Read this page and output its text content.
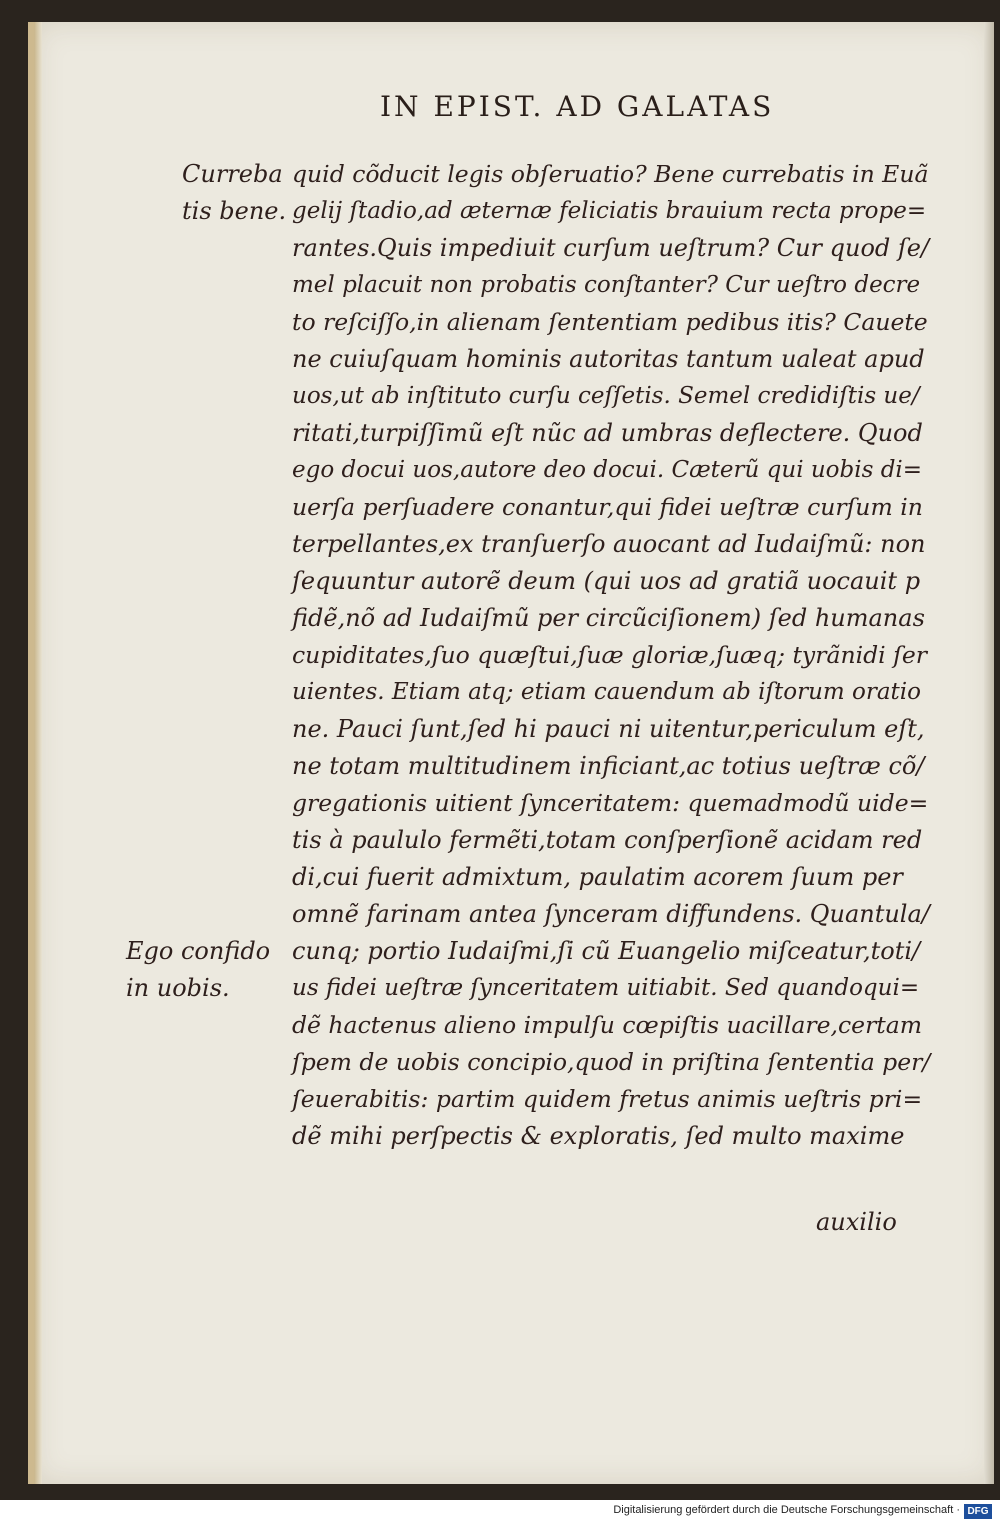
IN EPIST. AD GALATAS
Curreba
tis bene.
Ego confido
in uobis.
quid cõducit legis obſeruatio? Bene currebatis in Euã
gelij ſtadio,ad æternæ feliciatis brauium recta prope=
rantes.Quis impediuit curſum ueſtrum? Cur quod ſe/
mel placuit non probatis conſtanter? Cur ueſtro decre
to reſciſſo,in alienam ſententiam pedibus itis? Cauete
ne cuiuſquam hominis autoritas tantum ualeat apud
uos,ut ab inſtituto curſu ceſſetis. Semel credidiſtis ue/
ritati,turpiſſimũ eſt nũc ad umbras deflectere. Quod
ego docui uos,autore deo docui. Cæterũ qui uobis di=
uerſa perſuadere conantur,qui fidei ueſtræ curſum in
terpellantes,ex tranſuerſo auocant ad Iudaiſmũ: non
ſequuntur autorẽ deum (qui uos ad gratiã uocauit p
fidẽ,nõ ad Iudaiſmũ per circũciſionem) ſed humanas
cupiditates,ſuo quæſtui,ſuæ gloriæ,ſuæq; tyrãnidi ſer
uientes. Etiam atq; etiam cauendum ab iſtorum oratio
ne. Pauci ſunt,ſed hi pauci ni uitentur,periculum eſt,
ne totam multitudinem inficiant,ac totius ueſtræ cõ/
gregationis uitient ſynceritatem: quemadmodũ uide=
tis à paululo fermẽti,totam conſperſionẽ acidam red
di,cui fuerit admixtum, paulatim acorem ſuum per
omnẽ farinam antea ſynceram diffundens. Quantula/
cunq; portio Iudaiſmi,ſi cũ Euangelio miſceatur,toti/
us fidei ueſtræ ſynceritatem uitiabit. Sed quandoqui=
dẽ hactenus alieno impulſu cœpiſtis uacillare,certam
ſpem de uobis concipio,quod in priſtina ſententia per/
ſeuerabitis: partim quidem fretus animis ueſtris pri=
dẽ mihi perſpectis & exploratis, ſed multo maxime
auxilio
Digitalisierung gefördert durch die Deutsche Forschungsgemeinschaft · DFG
